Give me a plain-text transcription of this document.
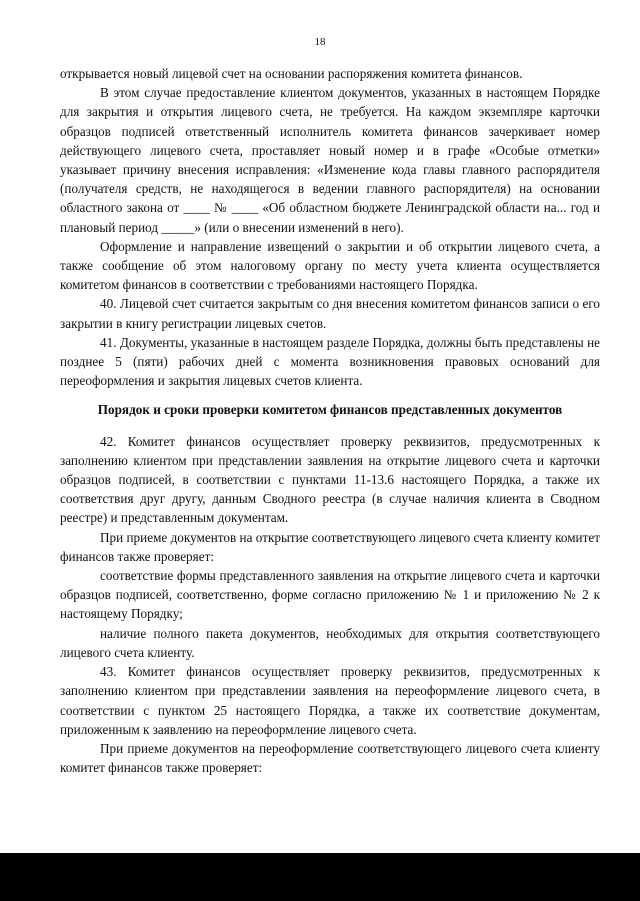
18

открывается новый лицевой счет на основании распоряжения комитета финансов.

В этом случае предоставление клиентом документов, указанных в настоящем Порядке для закрытия и открытия лицевого счета, не требуется. На каждом экземпляре карточки образцов подписей ответственный исполнитель комитета финансов зачеркивает номер действующего лицевого счета, проставляет новый номер и в графе «Особые отметки» указывает причину внесения исправления: «Изменение кода главы главного распорядителя (получателя средств, не находящегося в ведении главного распорядителя) на основании областного закона от ____ № ____ «Об областном бюджете Ленинградской области на... год и плановый период _____» (или о внесении изменений в него).

Оформление и направление извещений о закрытии и об открытии лицевого счета, а также сообщение об этом налоговому органу по месту учета клиента осуществляется комитетом финансов в соответствии с требованиями настоящего Порядка.

40. Лицевой счет считается закрытым со дня внесения комитетом финансов записи о его закрытии в книгу регистрации лицевых счетов.

41. Документы, указанные в настоящем разделе Порядка, должны быть представлены не позднее 5 (пяти) рабочих дней с момента возникновения правовых оснований для переоформления и закрытия лицевых счетов клиента.

Порядок и сроки проверки комитетом финансов представленных документов

42. Комитет финансов осуществляет проверку реквизитов, предусмотренных к заполнению клиентом при представлении заявления на открытие лицевого счета и карточки образцов подписей, в соответствии с пунктами 11-13.6 настоящего Порядка, а также их соответствия друг другу, данным Сводного реестра (в случае наличия клиента в Сводном реестре) и представленным документам.

При приеме документов на открытие соответствующего лицевого счета клиенту комитет финансов также проверяет:

соответствие формы представленного заявления на открытие лицевого счета и карточки образцов подписей, соответственно, форме согласно приложению № 1 и приложению № 2 к настоящему Порядку;

наличие полного пакета документов, необходимых для открытия соответствующего лицевого счета клиенту.

43. Комитет финансов осуществляет проверку реквизитов, предусмотренных к заполнению клиентом при представлении заявления на переоформление лицевого счета, в соответствии с пунктом 25 настоящего Порядка, а также их соответствие документам, приложенным к заявлению на переоформление лицевого счета.

При приеме документов на переоформление соответствующего лицевого счета клиенту комитет финансов также проверяет:
